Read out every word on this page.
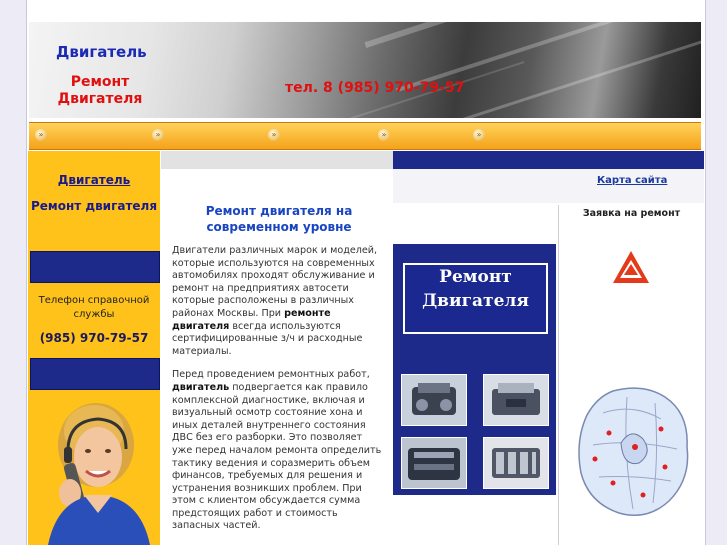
Двигатель
Ремонт
Двигателя
тел. 8 (985) 970-79-57
»	»	»	»	»
Двигатель
Ремонт двигателя
Телефон справочной
службы
(985) 970-79-57
Ремонт двигателя на современном уровне

Двигатели различных марок и моделей, которые используются на современных автомобилях проходят обслуживание и ремонт на предприятиях автосети которые расположены в различных районах Москвы. При ремонте двигателя всегда используются сертифицированные з/ч и расходные материалы.

Перед проведением ремонтных работ, двигатель подвергается как правило комплексной диагностике, включая и визуальный осмотр состояние хона и иных деталей внутреннего состояния ДВС без его разборки. Это позволяет уже перед началом ремонта определить тактику ведения и соразмерить объем финансов, требуемых для решения и устранения возникших проблем. При этом с клиентом обсуждается сумма предстоящих работ и стоимость запасных частей.

Карта сайта
Ремонт
Двигателя
Заявка на ремонт
